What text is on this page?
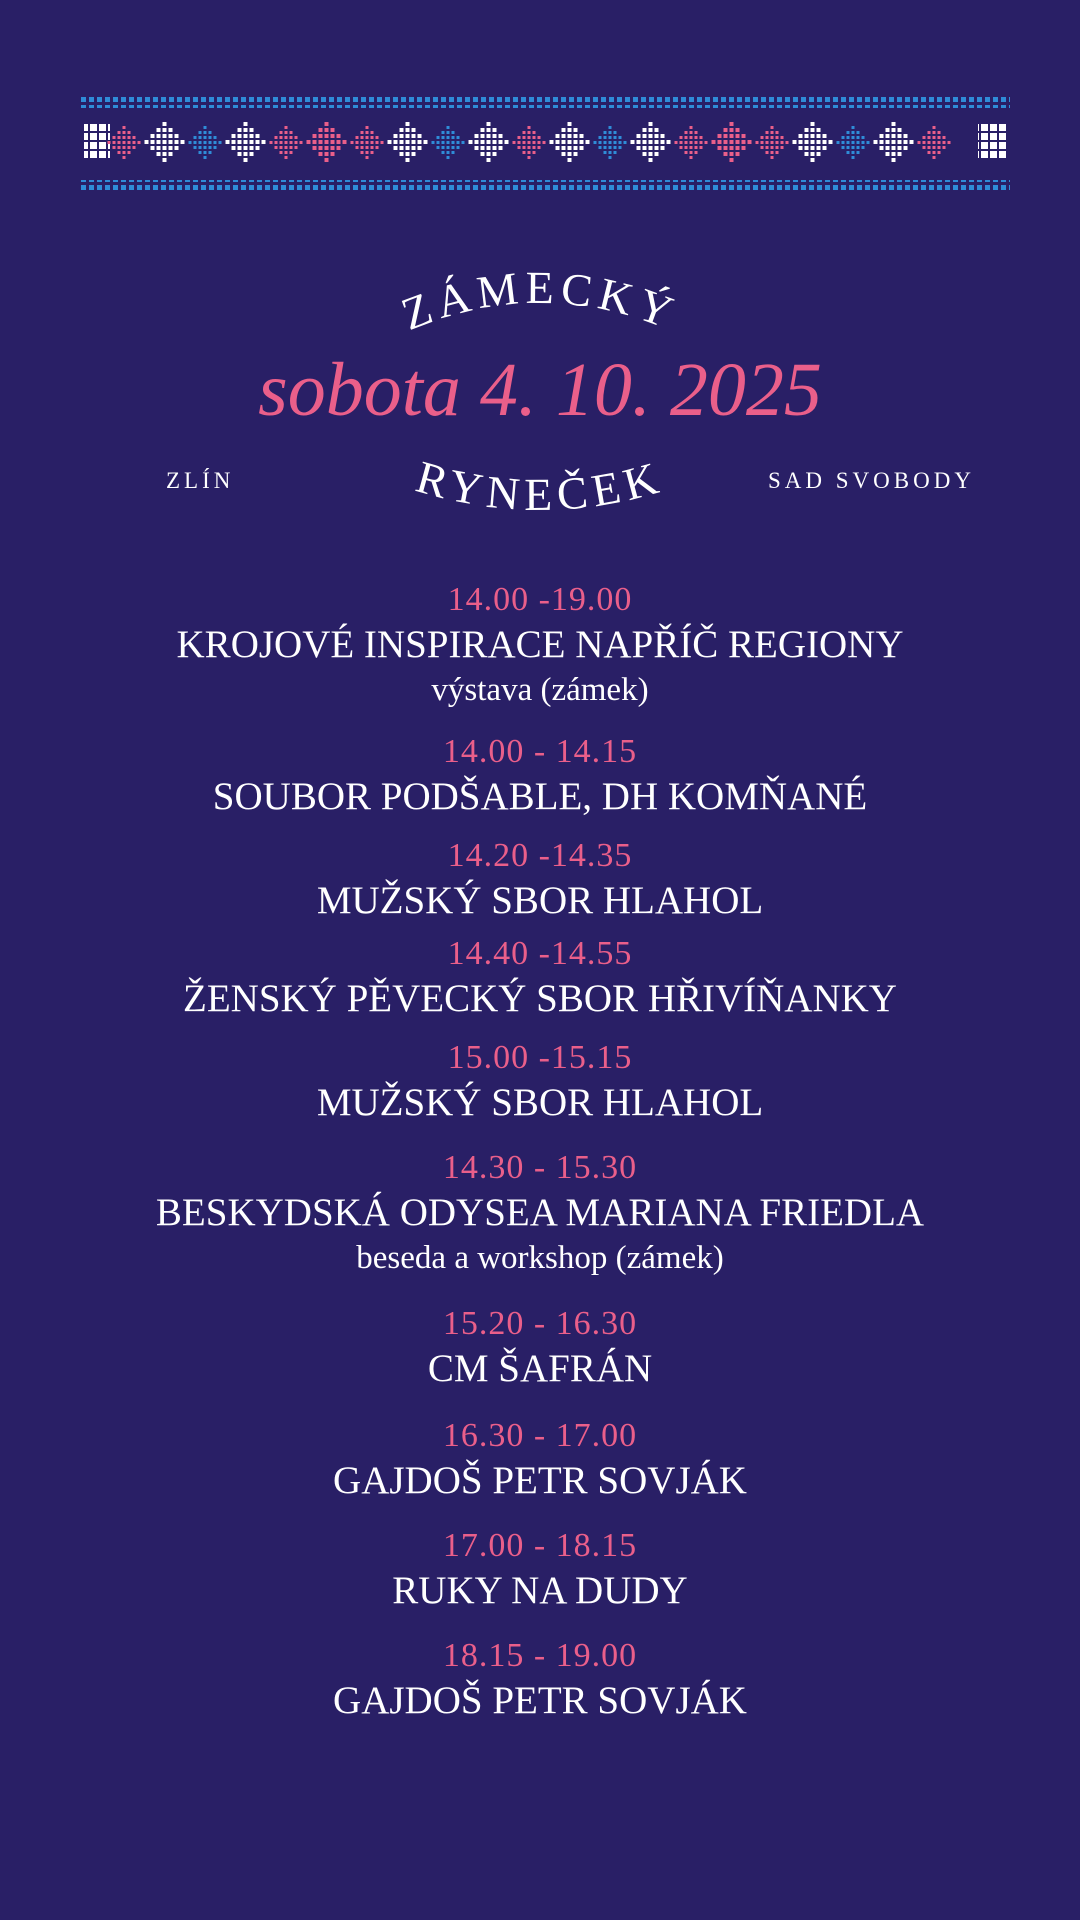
ZÁMECKÝ
sobota 4. 10. 2025
ZLÍN	SAD SVOBODY
RYNEČEK
14.00 -19.00
KROJOVÉ INSPIRACE NAPŘÍČ REGIONY
výstava (zámek)
14.00 - 14.15
SOUBOR PODŠABLE, DH KOMŇANÉ
14.20 -14.35
MUŽSKÝ SBOR HLAHOL
14.40 -14.55
ŽENSKÝ PĚVECKÝ SBOR HŘIVÍŇANKY
15.00 -15.15
MUŽSKÝ SBOR HLAHOL
14.30 - 15.30
BESKYDSKÁ ODYSEA MARIANA FRIEDLA
beseda a workshop (zámek)
15.20 - 16.30
CM ŠAFRÁN
16.30 - 17.00
GAJDOŠ PETR SOVJÁK
17.00 - 18.15
RUKY NA DUDY
18.15 - 19.00
GAJDOŠ PETR SOVJÁK
